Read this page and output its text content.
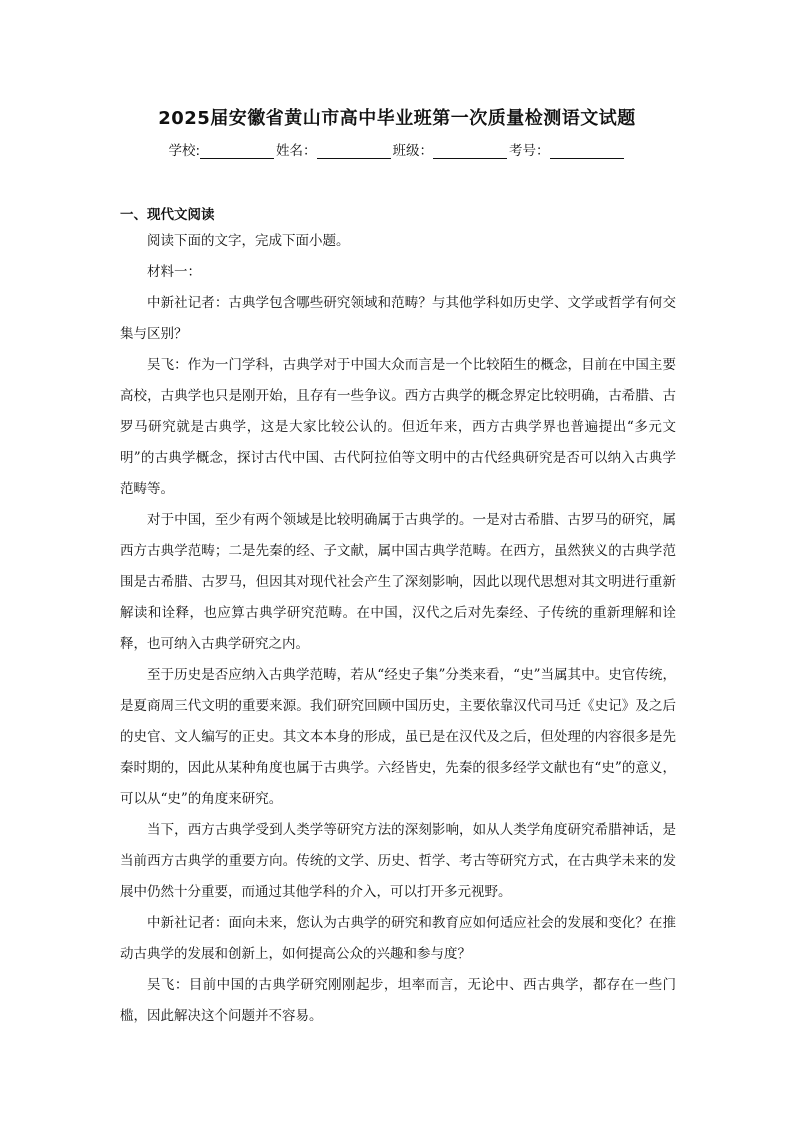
2025届安徽省黄山市高中毕业班第一次质量检测语文试题
学校:	姓名：	班级：	考号：
一、现代文阅读

阅读下面的文字，完成下面小题。

材料一：

中新社记者：古典学包含哪些研究领域和范畴？与其他学科如历史学、文学或哲学有何交集与区别？

吴飞：作为一门学科，古典学对于中国大众而言是一个比较陌生的概念，目前在中国主要高校，古典学也只是刚开始，且存有一些争议。西方古典学的概念界定比较明确，古希腊、古罗马研究就是古典学，这是大家比较公认的。但近年来，西方古典学界也普遍提出“多元文明”的古典学概念，探讨古代中国、古代阿拉伯等文明中的古代经典研究是否可以纳入古典学范畴等。

对于中国，至少有两个领域是比较明确属于古典学的。一是对古希腊、古罗马的研究，属西方古典学范畴；二是先秦的经、子文献，属中国古典学范畴。在西方，虽然狭义的古典学范围是古希腊、古罗马，但因其对现代社会产生了深刻影响，因此以现代思想对其文明进行重新解读和诠释，也应算古典学研究范畴。在中国，汉代之后对先秦经、子传统的重新理解和诠释，也可纳入古典学研究之内。

至于历史是否应纳入古典学范畴，若从“经史子集”分类来看，“史”当属其中。史官传统，是夏商周三代文明的重要来源。我们研究回顾中国历史，主要依靠汉代司马迁《史记》及之后的史官、文人编写的正史。其文本本身的形成，虽已是在汉代及之后，但处理的内容很多是先秦时期的，因此从某种角度也属于古典学。六经皆史，先秦的很多经学文献也有“史”的意义，可以从“史”的角度来研究。

当下，西方古典学受到人类学等研究方法的深刻影响，如从人类学角度研究希腊神话，是当前西方古典学的重要方向。传统的文学、历史、哲学、考古等研究方式，在古典学未来的发展中仍然十分重要，而通过其他学科的介入，可以打开多元视野。

中新社记者：面向未来，您认为古典学的研究和教育应如何适应社会的发展和变化？在推动古典学的发展和创新上，如何提高公众的兴趣和参与度？

吴飞：目前中国的古典学研究刚刚起步，坦率而言，无论中、西古典学，都存在一些门槛，因此解决这个问题并不容易。
